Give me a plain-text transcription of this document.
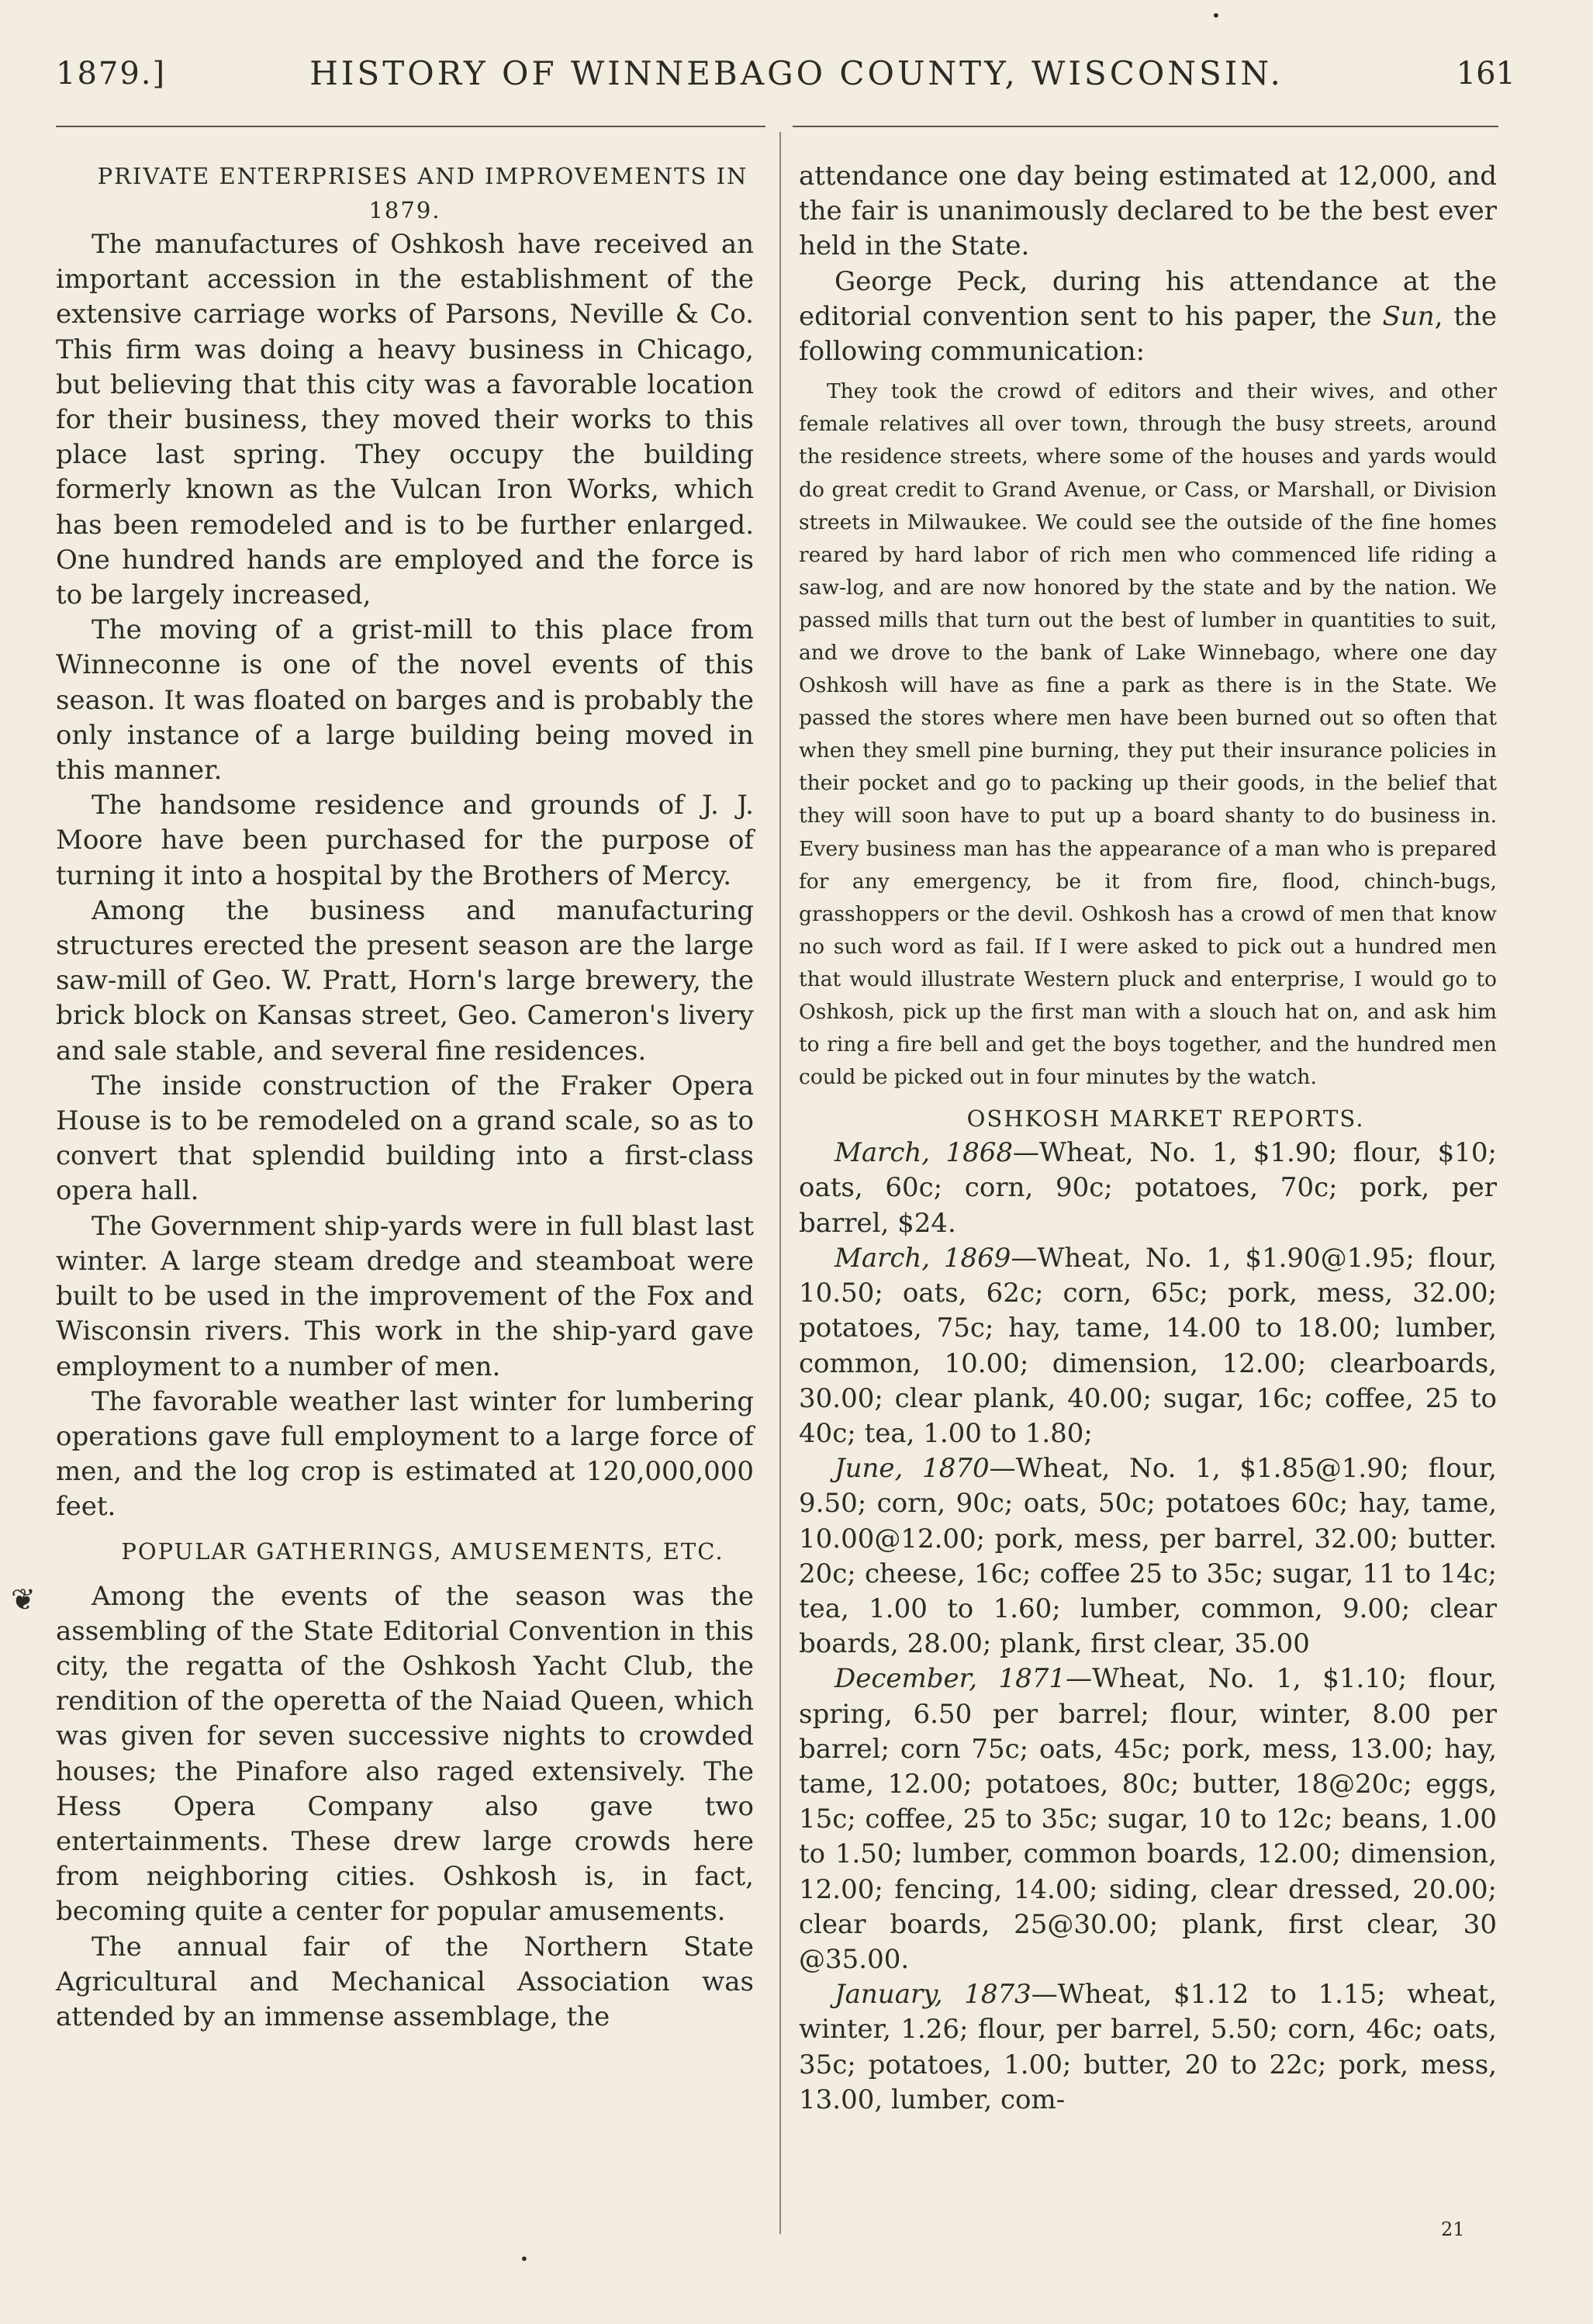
1879.]	HISTORY OF WINNEBAGO COUNTY, WISCONSIN.	161

PRIVATE ENTERPRISES AND IMPROVEMENTS IN 1879.

The manufactures of Oshkosh have received an important accession in the establishment of the extensive carriage works of Parsons, Neville & Co. This firm was doing a heavy business in Chicago, but believing that this city was a favorable location for their business, they moved their works to this place last spring. They occupy the building formerly known as the Vulcan Iron Works, which has been remodeled and is to be further enlarged. One hundred hands are employed and the force is to be largely increased,

The moving of a grist-mill to this place from Winneconne is one of the novel events of this season. It was floated on barges and is probably the only instance of a large building being moved in this manner.

The handsome residence and grounds of J. J. Moore have been purchased for the purpose of turning it into a hospital by the Brothers of Mercy.

Among the business and manufacturing structures erected the present season are the large saw-mill of Geo. W. Pratt, Horn's large brewery, the brick block on Kansas street, Geo. Cameron's livery and sale stable, and several fine residences.

The inside construction of the Fraker Opera House is to be remodeled on a grand scale, so as to convert that splendid building into a first-class opera hall.

The Government ship-yards were in full blast last winter. A large steam dredge and steamboat were built to be used in the improvement of the Fox and Wisconsin rivers. This work in the ship-yard gave employment to a number of men.

The favorable weather last winter for lumbering operations gave full employment to a large force of men, and the log crop is estimated at 120,000,000 feet.

POPULAR GATHERINGS, AMUSEMENTS, ETC.

Among the events of the season was the assembling of the State Editorial Convention in this city, the regatta of the Oshkosh Yacht Club, the rendition of the operetta of the Naiad Queen, which was given for seven successive nights to crowded houses; the Pinafore also raged extensively. The Hess Opera Company also gave two entertainments. These drew large crowds here from neighboring cities. Oshkosh is, in fact, becoming quite a center for popular amusements.

The annual fair of the Northern State Agricultural and Mechanical Association was attended by an immense assemblage, the

attendance one day being estimated at 12,000, and the fair is unanimously declared to be the best ever held in the State.

George Peck, during his attendance at the editorial convention sent to his paper, the Sun, the following communication:

They took the crowd of editors and their wives, and other female relatives all over town, through the busy streets, around the residence streets, where some of the houses and yards would do great credit to Grand Avenue, or Cass, or Marshall, or Division streets in Milwaukee. We could see the outside of the fine homes reared by hard labor of rich men who commenced life riding a saw-log, and are now honored by the state and by the nation. We passed mills that turn out the best of lumber in quantities to suit, and we drove to the bank of Lake Winnebago, where one day Oshkosh will have as fine a park as there is in the State. We passed the stores where men have been burned out so often that when they smell pine burning, they put their insurance policies in their pocket and go to packing up their goods, in the belief that they will soon have to put up a board shanty to do business in. Every business man has the appearance of a man who is prepared for any emergency, be it from fire, flood, chinch-bugs, grasshoppers or the devil. Oshkosh has a crowd of men that know no such word as fail. If I were asked to pick out a hundred men that would illustrate Western pluck and enterprise, I would go to Oshkosh, pick up the first man with a slouch hat on, and ask him to ring a fire bell and get the boys together, and the hundred men could be picked out in four minutes by the watch.

OSHKOSH MARKET REPORTS.

March, 1868—Wheat, No. 1, $1.90; flour, $10; oats, 60c; corn, 90c; potatoes, 70c; pork, per barrel, $24.

March, 1869—Wheat, No. 1, $1.90@1.95; flour, 10.50; oats, 62c; corn, 65c; pork, mess, 32.00; potatoes, 75c; hay, tame, 14.00 to 18.00; lumber, common, 10.00; dimension, 12.00; clearboards, 30.00; clear plank, 40.00; sugar, 16c; coffee, 25 to 40c; tea, 1.00 to 1.80;

June, 1870—Wheat, No. 1, $1.85@1.90; flour, 9.50; corn, 90c; oats, 50c; potatoes 60c; hay, tame, 10.00@12.00; pork, mess, per barrel, 32.00; butter. 20c; cheese, 16c; coffee 25 to 35c; sugar, 11 to 14c; tea, 1.00 to 1.60; lumber, common, 9.00; clear boards, 28.00; plank, first clear, 35.00

December, 1871—Wheat, No. 1, $1.10; flour, spring, 6.50 per barrel; flour, winter, 8.00 per barrel; corn 75c; oats, 45c; pork, mess, 13.00; hay, tame, 12.00; potatoes, 80c; butter, 18@20c; eggs, 15c; coffee, 25 to 35c; sugar, 10 to 12c; beans, 1.00 to 1.50; lumber, common boards, 12.00; dimension, 12.00; fencing, 14.00; siding, clear dressed, 20.00; clear boards, 25@30.00; plank, first clear, 30 @35.00.

January, 1873—Wheat, $1.12 to 1.15; wheat, winter, 1.26; flour, per barrel, 5.50; corn, 46c; oats, 35c; potatoes, 1.00; butter, 20 to 22c; pork, mess, 13.00, lumber, com-

21
❦
•
•
